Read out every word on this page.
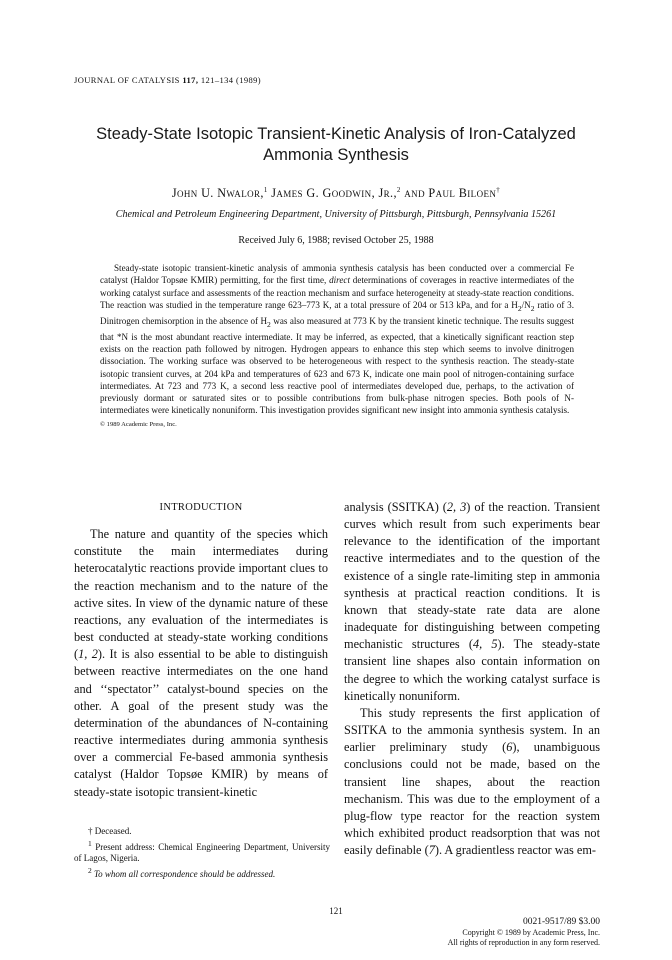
JOURNAL OF CATALYSIS 117, 121–134 (1989)
Steady-State Isotopic Transient-Kinetic Analysis of Iron-Catalyzed
Ammonia Synthesis
John U. Nwalor,$^1$ James G. Goodwin, Jr.,$^2$ and Paul Biloen†
Chemical and Petroleum Engineering Department, University of Pittsburgh, Pittsburgh, Pennsylvania 15261
Received July 6, 1988; revised October 25, 1988
Steady-state isotopic transient-kinetic analysis of ammonia synthesis catalysis has been conducted over a commercial Fe catalyst (Haldor Topsøe KMIR) permitting, for the first time, direct determinations of coverages in reactive intermediates of the working catalyst surface and assessments of the reaction mechanism and surface heterogeneity at steady-state reaction conditions. The reaction was studied in the temperature range 623–773 K, at a total pressure of 204 or 513 kPa, and for a $H_2/N_2$ ratio of 3. Dinitrogen chemisorption in the absence of $H_2$ was also measured at 773 K by the transient kinetic technique. The results suggest that *N is the most abundant reactive intermediate. It may be inferred, as expected, that a kinetically significant reaction step exists on the reaction path followed by nitrogen. Hydrogen appears to enhance this step which seems to involve dinitrogen dissociation. The working surface was observed to be heterogeneous with respect to the synthesis reaction. The steady-state isotopic transient curves, at 204 kPa and temperatures of 623 and 673 K, indicate one main pool of nitrogen-containing surface intermediates. At 723 and 773 K, a second less reactive pool of intermediates developed due, perhaps, to the activation of previously dormant or saturated sites or to possible contributions from bulk-phase nitrogen species. Both pools of N-intermediates were kinetically nonuniform. This investigation provides significant new insight into ammonia synthesis catalysis.   © 1989 Academic Press, Inc.
INTRODUCTION
The nature and quantity of the species which constitute the main intermediates during heterocatalytic reactions provide important clues to the reaction mechanism and to the nature of the active sites. In view of the dynamic nature of these reactions, any evaluation of the intermediates is best conducted at steady-state working conditions (1, 2). It is also essential to be able to distinguish between reactive intermediates on the one hand and ‘‘spectator’’ catalyst-bound species on the other. A goal of the present study was the determination of the abundances of N-containing reactive intermediates during ammonia synthesis over a commercial Fe-based ammonia synthesis catalyst (Haldor Topsøe KMIR) by means of steady-state isotopic transient-kinetic
analysis (SSITKA) (2, 3) of the reaction. Transient curves which result from such experiments bear relevance to the identification of the important reactive intermediates and to the question of the existence of a single rate-limiting step in ammonia synthesis at practical reaction conditions. It is known that steady-state rate data are alone inadequate for distinguishing between competing mechanistic structures (4, 5). The steady-state transient line shapes also contain information on the degree to which the working catalyst surface is kinetically nonuniform.
This study represents the first application of SSITKA to the ammonia synthesis system. In an earlier preliminary study (6), unambiguous conclusions could not be made, based on the transient line shapes, about the reaction mechanism. This was due to the employment of a plug-flow type reactor for the reaction system which exhibited product readsorption that was not easily definable (7). A gradientless reactor was em-
† Deceased.
$^1$ Present address: Chemical Engineering Department, University of Lagos, Nigeria.
$^2$ To whom all correspondence should be addressed.
121
0021-9517/89 $3.00
Copyright © 1989 by Academic Press, Inc.
All rights of reproduction in any form reserved.
